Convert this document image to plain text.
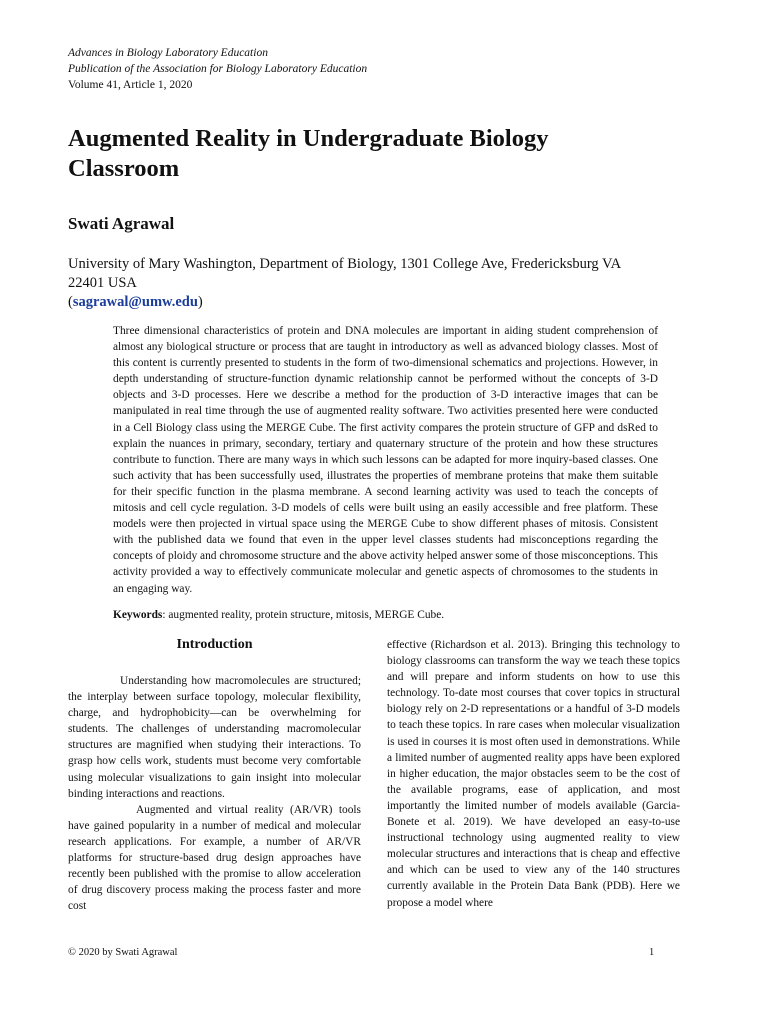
Advances in Biology Laboratory Education
Publication of the Association for Biology Laboratory Education
Volume 41, Article 1, 2020
Augmented Reality in Undergraduate Biology Classroom
Swati Agrawal
University of Mary Washington, Department of Biology, 1301 College Ave, Fredericksburg VA
22401 USA
(sagrawal@umw.edu)

Three dimensional characteristics of protein and DNA molecules are important in aiding student comprehension of almost any biological structure or process that are taught in introductory as well as advanced biology classes. Most of this content is currently presented to students in the form of two-dimensional schematics and projections. However, in depth understanding of structure-function dynamic relationship cannot be performed without the concepts of 3-D objects and 3-D processes. Here we describe a method for the production of 3-D interactive images that can be manipulated in real time through the use of augmented reality software. Two activities presented here were conducted in a Cell Biology class using the MERGE Cube. The first activity compares the protein structure of GFP and dsRed to explain the nuances in primary, secondary, tertiary and quaternary structure of the protein and how these structures contribute to function. There are many ways in which such lessons can be adapted for more inquiry-based classes. One such activity that has been successfully used, illustrates the properties of membrane proteins that make them suitable for their specific function in the plasma membrane. A second learning activity was used to teach the concepts of mitosis and cell cycle regulation. 3-D models of cells were built using an easily accessible and free platform. These models were then projected in virtual space using the MERGE Cube to show different phases of mitosis. Consistent with the published data we found that even in the upper level classes students had misconceptions regarding the concepts of ploidy and chromosome structure and the above activity helped answer some of those misconceptions. This activity provided a way to effectively communicate molecular and genetic aspects of chromosomes to the students in an engaging way.

Keywords: augmented reality, protein structure, mitosis, MERGE Cube.
Introduction

Understanding how macromolecules are structured; the interplay between surface topology, molecular flexibility, charge, and hydrophobicity—can be overwhelming for students. The challenges of understanding macromolecular structures are magnified when studying their interactions. To grasp how cells work, students must become very comfortable using molecular visualizations to gain insight into molecular binding interactions and reactions.

Augmented and virtual reality (AR/VR) tools have gained popularity in a number of medical and molecular research applications. For example, a number of AR/VR platforms for structure-based drug design approaches have recently been published with the promise to allow acceleration of drug discovery process making the process faster and more cost

effective (Richardson et al. 2013). Bringing this technology to biology classrooms can transform the way we teach these topics and will prepare and inform students on how to use this technology. To-date most courses that cover topics in structural biology rely on 2-D representations or a handful of 3-D models to teach these topics. In rare cases when molecular visualization is used in courses it is most often used in demonstrations. While a limited number of augmented reality apps have been explored in higher education, the major obstacles seem to be the cost of the available programs, ease of application, and most importantly the limited number of models available (Garcia-Bonete et al. 2019). We have developed an easy-to-use instructional technology using augmented reality to view molecular structures and interactions that is cheap and effective and which can be used to view any of the 140 structures currently available in the Protein Data Bank (PDB). Here we propose a model where

© 2020 by Swati Agrawal	1
